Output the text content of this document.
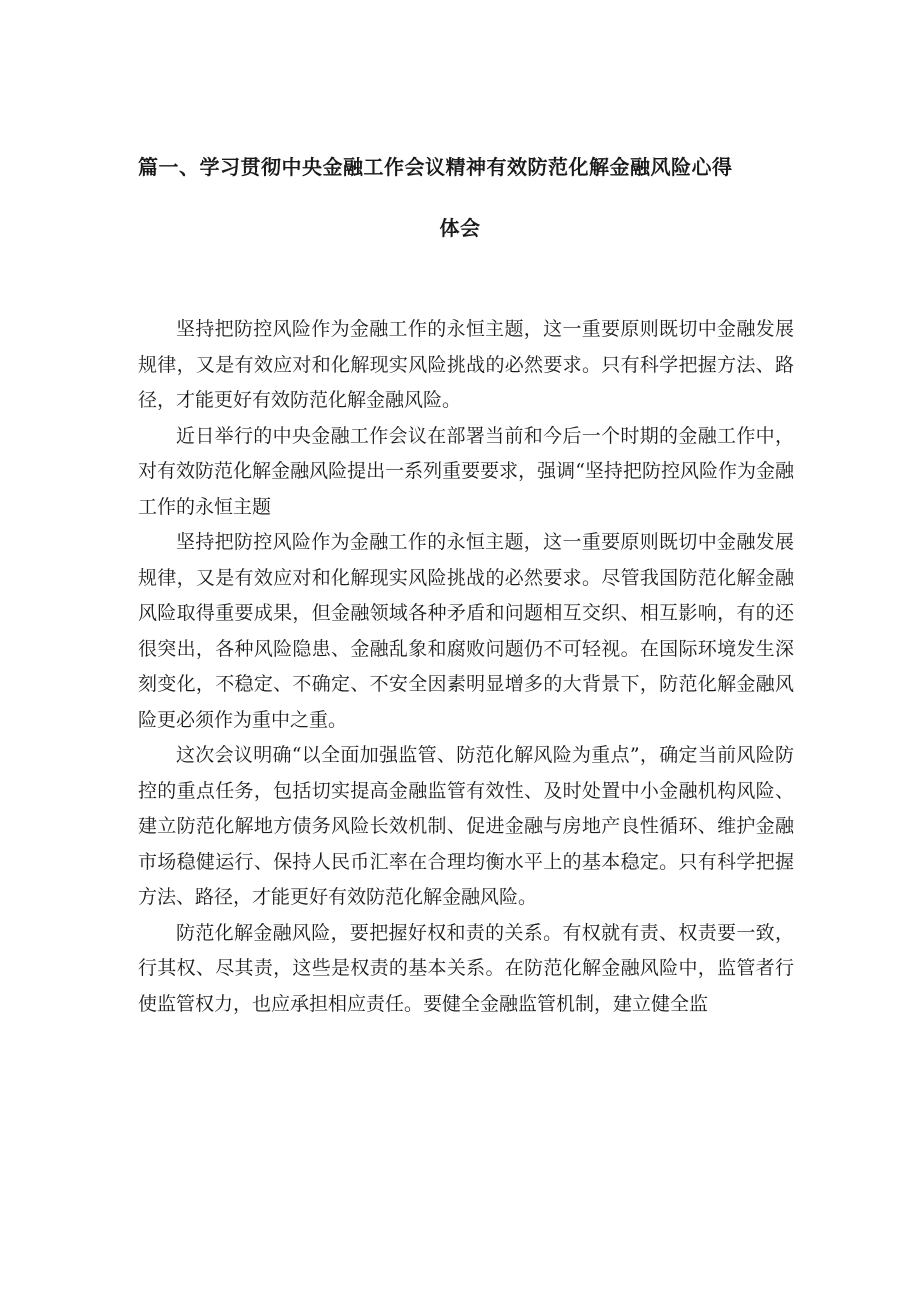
篇一、学习贯彻中央金融工作会议精神有效防范化解金融风险心得
体会

坚持把防控风险作为金融工作的永恒主题，这一重要原则既切中金融发展规律，又是有效应对和化解现实风险挑战的必然要求。只有科学把握方法、路径，才能更好有效防范化解金融风险。

近日举行的中央金融工作会议在部署当前和今后一个时期的金融工作中，对有效防范化解金融风险提出一系列重要要求，强调“坚持把防控风险作为金融工作的永恒主题

坚持把防控风险作为金融工作的永恒主题，这一重要原则既切中金融发展规律，又是有效应对和化解现实风险挑战的必然要求。尽管我国防范化解金融风险取得重要成果，但金融领域各种矛盾和问题相互交织、相互影响，有的还很突出，各种风险隐患、金融乱象和腐败问题仍不可轻视。在国际环境发生深刻变化，不稳定、不确定、不安全因素明显增多的大背景下，防范化解金融风险更必须作为重中之重。

这次会议明确“以全面加强监管、防范化解风险为重点”，确定当前风险防控的重点任务，包括切实提高金融监管有效性、及时处置中小金融机构风险、建立防范化解地方债务风险长效机制、促进金融与房地产良性循环、维护金融市场稳健运行、保持人民币汇率在合理均衡水平上的基本稳定。只有科学把握方法、路径，才能更好有效防范化解金融风险。

防范化解金融风险，要把握好权和责的关系。有权就有责、权责要一致，行其权、尽其责，这些是权责的基本关系。在防范化解金融风险中，监管者行使监管权力，也应承担相应责任。要健全金融监管机制，建立健全监
